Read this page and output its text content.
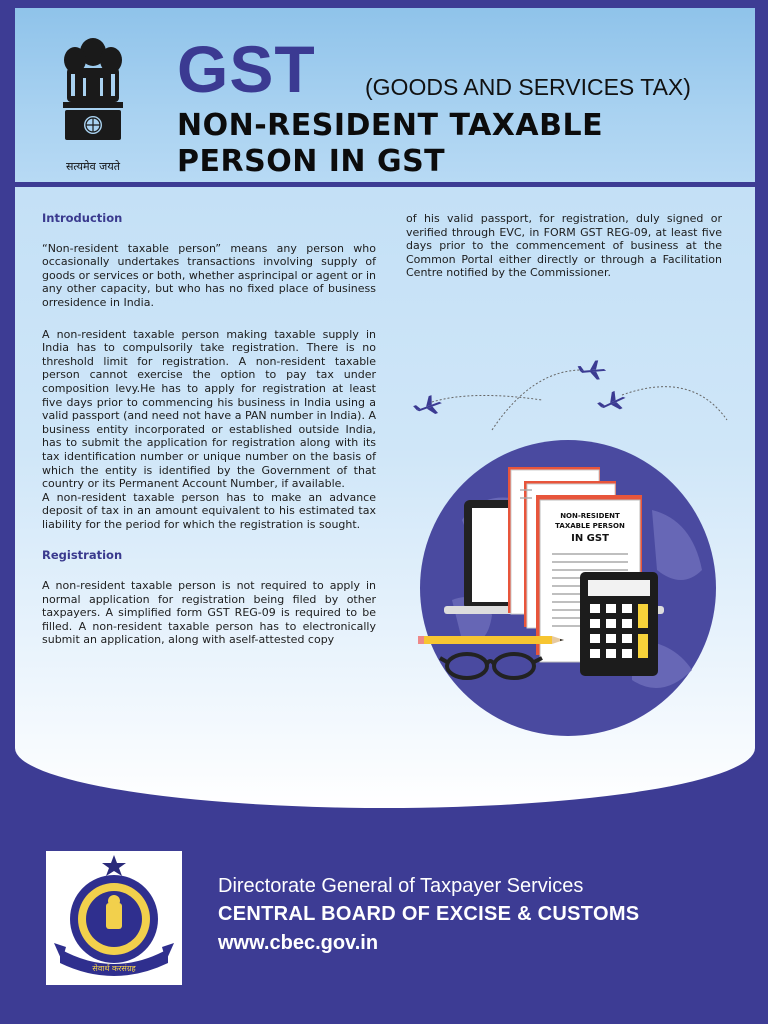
सत्यमेव जयते
GST (GOODS AND SERVICES TAX)
NON-RESIDENT TAXABLE
PERSON IN GST
Introduction
“Non-resident taxable person” means any person who occasionally undertakes transactions involving supply of goods or services or both, whether asprincipal or agent or in any other capacity, but who has no fixed place of business orresidence in India.
A non-resident taxable person making taxable supply in India has to compulsorily take registration. There is no threshold limit for registration. A non-resident taxable person cannot exercise the option to pay tax under composition levy.He has to apply for registration at least five days prior to commencing his business in India using a valid passport (and need not have a PAN number in India). A business entity incorporated or established outside India, has to submit the application for registration along with its tax identification number or unique number on the basis of which the entity is identified by the Government of that country or its Permanent Account Number, if available.
A non-resident taxable person has to make an advance deposit of tax in an amount equivalent to his estimated tax liability for the period for which the registration is sought.
Registration
A non-resident taxable person is not required to apply in normal application for registration being filed by other taxpayers. A simplified form GST REG-09 is required to be filled. A non-resident taxable person has to electronically submit an application, along with aself-attested copy
of his valid passport, for registration, duly signed or verified through EVC, in FORM GST REG-09, at least five days prior to the commencement of business at the Common Portal either directly or through a Facilitation Centre notified by the Commissioner.
NON-RESIDENT
TAXABLE PERSON
IN GST
सेवार्थ करसंग्रह
Directorate General of Taxpayer Services
CENTRAL BOARD OF EXCISE & CUSTOMS
www.cbec.gov.in
